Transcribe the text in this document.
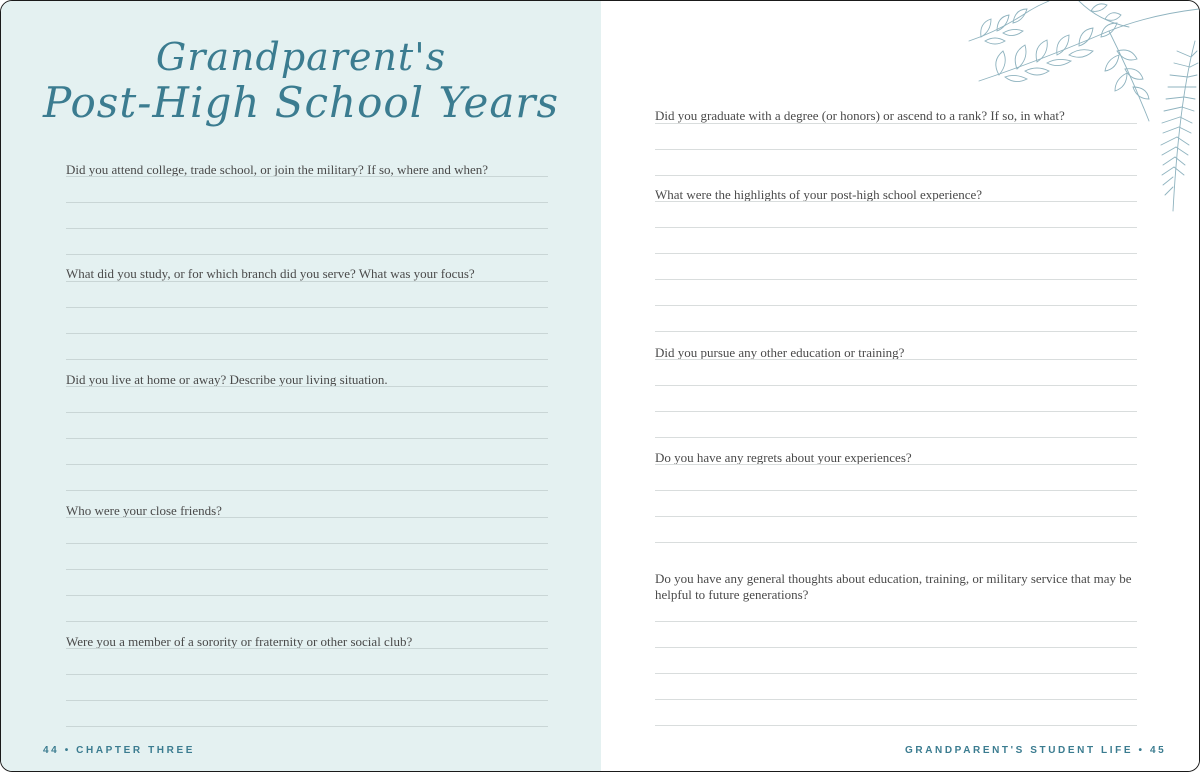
Grandparent's
Post-High School Years
Did you attend college, trade school, or join the military? If so, where and when?
What did you study, or for which branch did you serve? What was your focus?
Did you live at home or away? Describe your living situation.
Who were your close friends?
Were you a member of a sorority or fraternity or other social club?
44 • CHAPTER THREE
Did you graduate with a degree (or honors) or ascend to a rank? If so, in what?
What were the highlights of your post-high school experience?
Did you pursue any other education or training?
Do you have any regrets about your experiences?
Do you have any general thoughts about education, training, or military service that may be helpful to future generations?
GRANDPARENT'S STUDENT LIFE • 45
